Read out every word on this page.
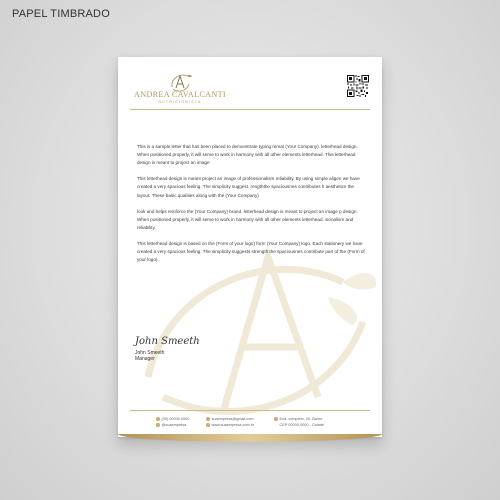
PAPEL TIMBRADO
ANDREA CAVALCANTI
NUTRICIONISTA

This is a sample letter that has been placed to demonstrate typing remat (Your Company). letterhead design. When positioned properly, it will serve to work in harmony with all other elements letterhead. This letterhead design is meant to project an image

This letterhead design is meant project an image of professionalism reliability. By using simple aligen we have created a very spacious feeling. The simplicity suggest. rengththe spaciousnes contributes h aesthetics the layout. These basic qualities along with the (Your Company)

look and helps reinforce the (Your Company) brand. letterhead design is meant to project an image p design. When positioned properly, it will serve to work in harmony with all other elements letterhead. sionalism and reliability.

This letterhead design is based on the (Form of your logo) form (Your Company) logo. Each stationery we have created a very spacious feeling. The simplicity suggests strength the spaciousnes contribute part of the (Form of your logo).

John Smeeth
John Smeeth
Manager
(00) 00000.0000
@suaempresa
suaempresa@gmail.com
www.suaempresa.com.br
End. completo, 00, Bairro
CEP 00000-0000 - Cidade
